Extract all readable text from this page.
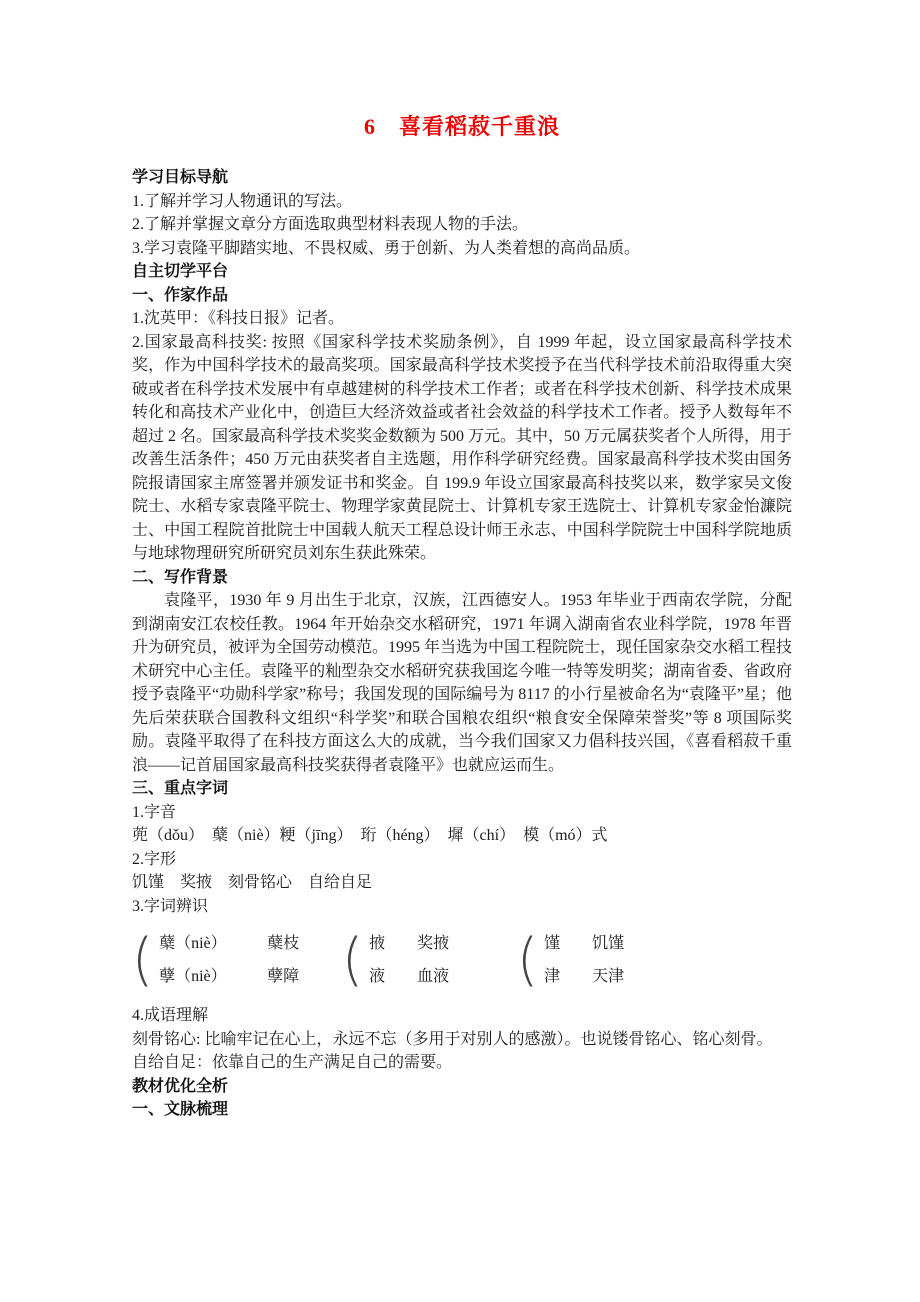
6　喜看稻菽千重浪

学习目标导航

1.了解并学习人物通讯的写法。

2.了解并掌握文章分方面选取典型材料表现人物的手法。

3.学习袁隆平脚踏实地、不畏权威、勇于创新、为人类着想的高尚品质。

自主切学平台

一、作家作品

1.沈英甲：《科技日报》记者。

2.国家最高科技奖: 按照《国家科学技术奖励条例》，自 1999 年起，设立国家最高科学技术奖，作为中国科学技术的最高奖项。国家最高科学技术奖授予在当代科学技术前沿取得重大突破或者在科学技术发展中有卓越建树的科学技术工作者；或者在科学技术创新、科学技术成果转化和高技术产业化中，创造巨大经济效益或者社会效益的科学技术工作者。授予人数每年不超过 2 名。国家最高科学技术奖奖金数额为 500 万元。其中，50 万元属获奖者个人所得，用于改善生活条件；450 万元由获奖者自主选题，用作科学研究经费。国家最高科学技术奖由国务院报请国家主席签署并颁发证书和奖金。自 199.9 年设立国家最高科技奖以来，数学家吴文俊院士、水稻专家袁隆平院士、物理学家黄昆院士、计算机专家王选院士、计算机专家金怡濂院士、中国工程院首批院士中国载人航天工程总设计师王永志、中国科学院院士中国科学院地质与地球物理研究所研究员刘东生获此殊荣。

二、写作背景

袁隆平，1930 年 9 月出生于北京，汉族，江西德安人。1953 年毕业于西南农学院，分配到湖南安江农校任教。1964 年开始杂交水稻研究，1971 年调入湖南省农业科学院，1978 年晋升为研究员，被评为全国劳动模范。1995 年当选为中国工程院院士，现任国家杂交水稻工程技术研究中心主任。袁隆平的籼型杂交水稻研究获我国迄今唯一特等发明奖；湖南省委、省政府授予袁隆平“功勋科学家”称号；我国发现的国际编号为 8117 的小行星被命名为“袁隆平”星；他先后荣获联合国教科文组织“科学奖”和联合国粮农组织“粮食安全保障荣誉奖”等 8 项国际奖励。袁隆平取得了在科技方面这么大的成就，当今我们国家又力倡科技兴国，《喜看稻菽千重浪——记首届国家最高科技奖获得者袁隆平》也就应运而生。

三、重点字词

1.字音

蔸（dǒu）　蘖（niè）粳（jīng）　珩（héng）　墀（chí）　模（mó）式

2.字形

饥馑　奖掖　刻骨铭心　自给自足

3.字词辨识

( 蘖（niè）	蘖枝
孽（niè）	孽障 ( 掖 奖掖
液 血液 ( 馑 饥馑
津 天津

4.成语理解

刻骨铭心: 比喻牢记在心上，永远不忘（多用于对别人的感激）。也说镂骨铭心、铭心刻骨。

自给自足：依靠自己的生产满足自己的需要。

教材优化全析

一、文脉梳理
